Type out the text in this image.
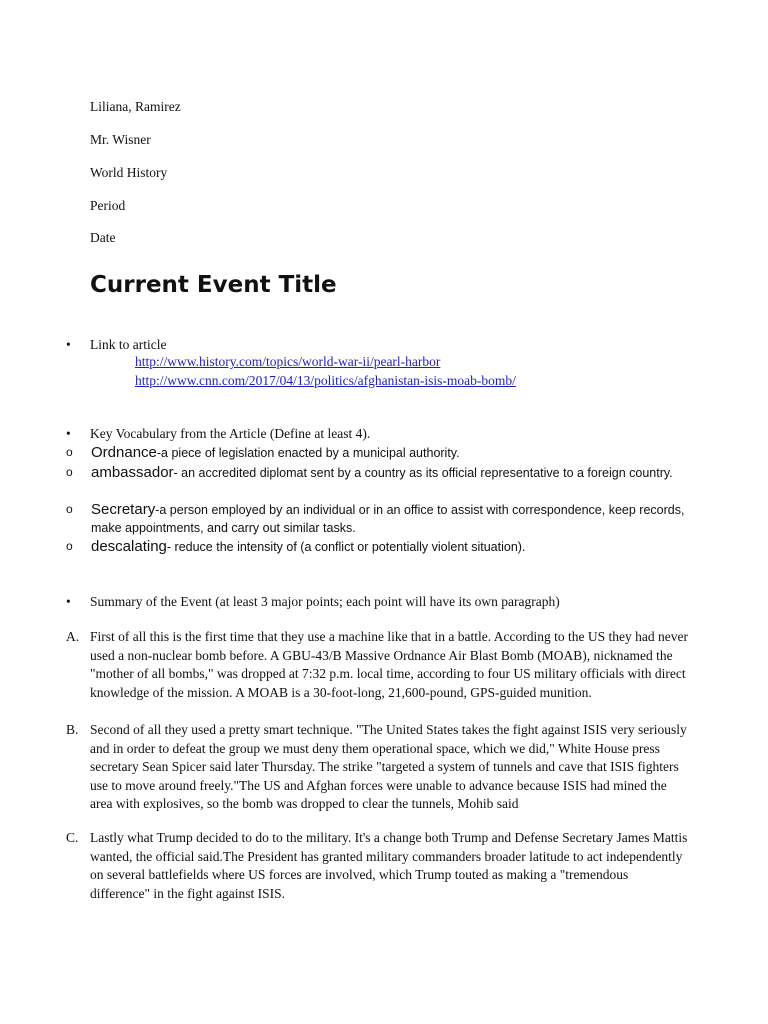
Liliana, Ramirez
Mr. Wisner
World History
Period
Date
Current Event Title
• Link to article
http://www.history.com/topics/world-war-ii/pearl-harbor
http://www.cnn.com/2017/04/13/politics/afghanistan-isis-moab-bomb/
• Key Vocabulary from the Article (Define at least 4).
o Ordnance-a piece of legislation enacted by a municipal authority.
o ambassador- an accredited diplomat sent by a country as its official representative to a foreign country.
o Secretary-a person employed by an individual or in an office to assist with correspondence, keep records, make appointments, and carry out similar tasks.
o descalating- reduce the intensity of (a conflict or potentially violent situation).
• Summary of the Event (at least 3 major points; each point will have its own paragraph)
A. First of all this is the first time that they use a machine like that in a battle. According to the US they had never used a non-nuclear bomb before. A GBU-43/B Massive Ordnance Air Blast Bomb (MOAB), nicknamed the "mother of all bombs," was dropped at 7:32 p.m. local time, according to four US military officials with direct knowledge of the mission. A MOAB is a 30-foot-long, 21,600-pound, GPS-guided munition.
B. Second of all they used a pretty smart technique. "The United States takes the fight against ISIS very seriously and in order to defeat the group we must deny them operational space, which we did," White House press secretary Sean Spicer said later Thursday. The strike "targeted a system of tunnels and cave that ISIS fighters use to move around freely."The US and Afghan forces were unable to advance because ISIS had mined the area with explosives, so the bomb was dropped to clear the tunnels, Mohib said
C. Lastly what Trump decided to do to the military. It's a change both Trump and Defense Secretary James Mattis wanted, the official said.The President has granted military commanders broader latitude to act independently on several battlefields where US forces are involved, which Trump touted as making a "tremendous difference" in the fight against ISIS.
